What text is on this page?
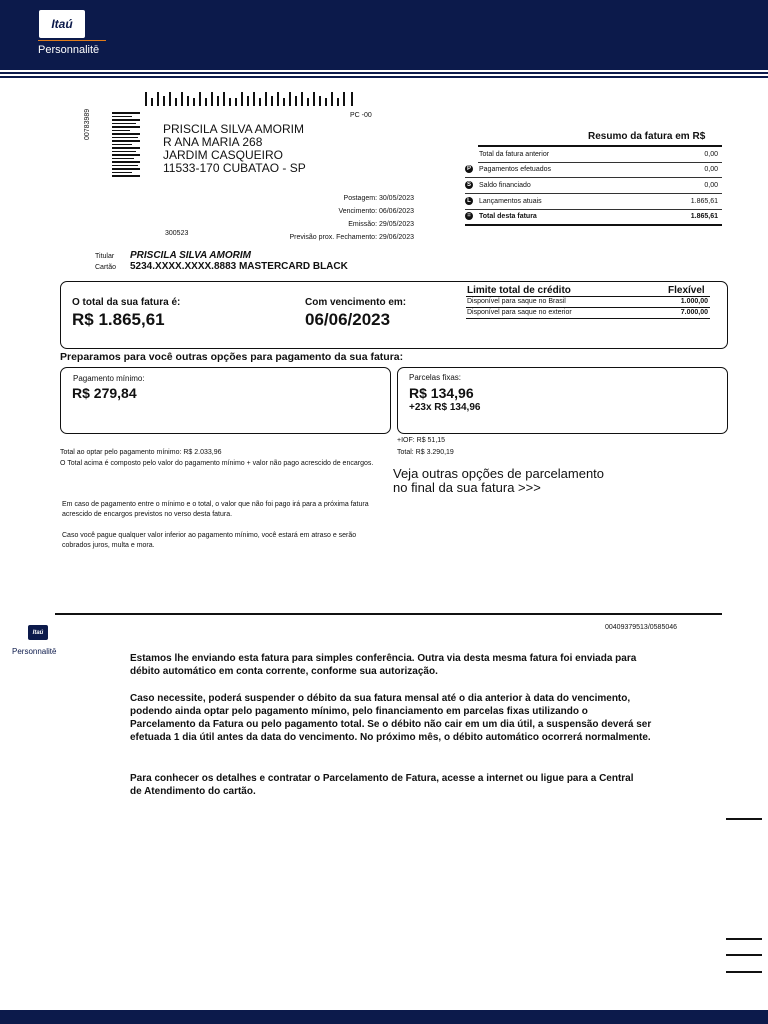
Itaú
Personnalitē
PC -00
00783989	PRISCILA SILVA AMORIM
R ANA MARIA 268
JARDIM CASQUEIRO
11533-170 CUBATAO - SP
Postagem: 30/05/2023
Vencimento: 06/06/2023
Emissão: 29/05/2023
Previsão prox. Fechamento: 29/06/2023
300523
Resumo da fatura em R$
Total da fatura anterior	0,00
P Pagamentos efetuados	0,00
S Saldo financiado	0,00
L	Lançamentos atuais	1.865,61
=	Total desta fatura	1.865,61
Titular PRISCILA SILVA AMORIM
Cartão 5234.XXXX.XXXX.8883 MASTERCARD BLACK
O total da sua fatura é:
R$ 1.865,61
Com vencimento em:
06/06/2023
Limite total de crédito	Flexível
Disponível para saque no Brasil	1.000,00
Disponível para saque no exterior	7.000,00
Preparamos para você outras opções para pagamento da sua fatura:
Pagamento mínimo:
R$ 279,84
Parcelas fixas:
R$ 134,96
+23x R$ 134,96
+IOF: R$ 51,15
Total: R$ 3.290,19
Total ao optar pelo pagamento mínimo: R$ 2.033,96
O Total acima é composto pelo valor do pagamento mínimo + valor não pago acrescido de encargos.
Veja outras opções de parcelamento
no final da sua fatura >>>
Em caso de pagamento entre o mínimo e o total, o valor que não foi pago irá para a próxima fatura acrescido de encargos previstos no verso desta fatura.
Caso você pague qualquer valor inferior ao pagamento mínimo, você estará em atraso e serão cobrados juros, multa e mora.
Itaú
Personnalitē
00409379513/0585046
Estamos lhe enviando esta fatura para simples conferência. Outra via desta mesma fatura foi enviada para débito automático em conta corrente, conforme sua autorização.
Caso necessite, poderá suspender o débito da sua fatura mensal até o dia anterior à data do vencimento, podendo ainda optar pelo pagamento mínimo, pelo financiamento em parcelas fixas utilizando o Parcelamento da Fatura ou pelo pagamento total. Se o débito não cair em um dia útil, a suspensão deverá ser efetuada 1 dia útil antes da data do vencimento. No próximo mês, o débito automático ocorrerá normalmente.
Para conhecer os detalhes e contratar o Parcelamento de Fatura, acesse a internet ou ligue para a Central de Atendimento do cartão.
